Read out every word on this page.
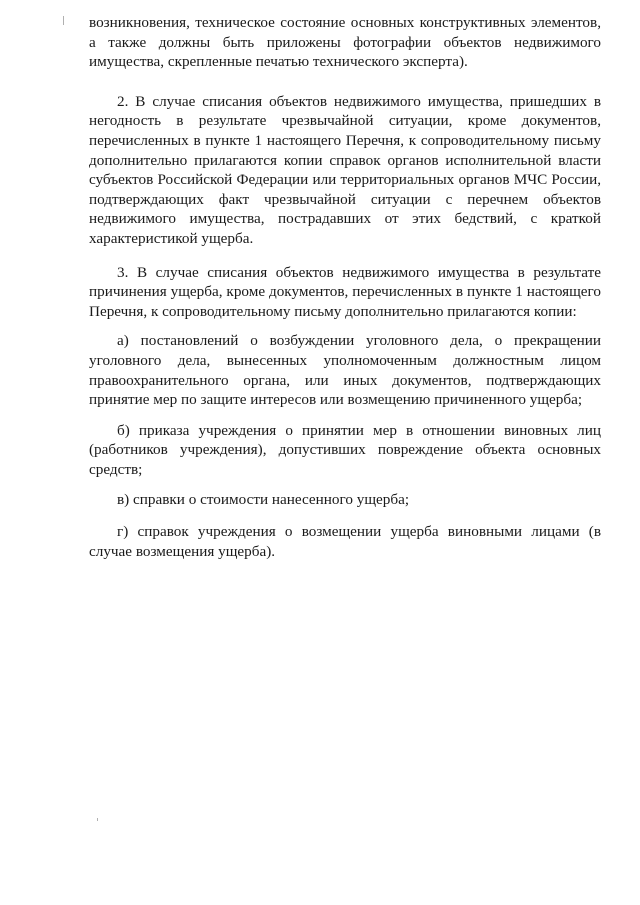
возникновения, техническое состояние основных конструктивных элементов,

а также должны быть приложены фотографии объектов недвижимого

имущества, скрепленные печатью технического эксперта).

2. В случае списания объектов недвижимого имущества, пришедших в негодность в результате чрезвычайной ситуации, кроме документов, перечисленных в пункте 1 настоящего Перечня, к сопроводительному письму дополнительно прилагаются копии справок органов исполнительной власти субъектов Российской Федерации или территориальных органов МЧС России, подтверждающих факт чрезвычайной ситуации с перечнем объектов недвижимого имущества, пострадавших от этих бедствий, с краткой характеристикой ущерба.

3. В случае списания объектов недвижимого имущества в результате причинения ущерба, кроме документов, перечисленных в пункте 1 настоящего Перечня, к сопроводительному письму дополнительно прилагаются копии:

а) постановлений о возбуждении уголовного дела, о прекращении уголовного дела, вынесенных уполномоченным должностным лицом правоохранительного органа, или иных документов, подтверждающих принятие мер по защите интересов или возмещению причиненного ущерба;

б) приказа учреждения о принятии мер в отношении виновных лиц (работников учреждения), допустивших повреждение объекта основных средств;

в) справки о стоимости нанесенного ущерба;

г) справок учреждения о возмещении ущерба виновными лицами (в случае возмещения ущерба).
